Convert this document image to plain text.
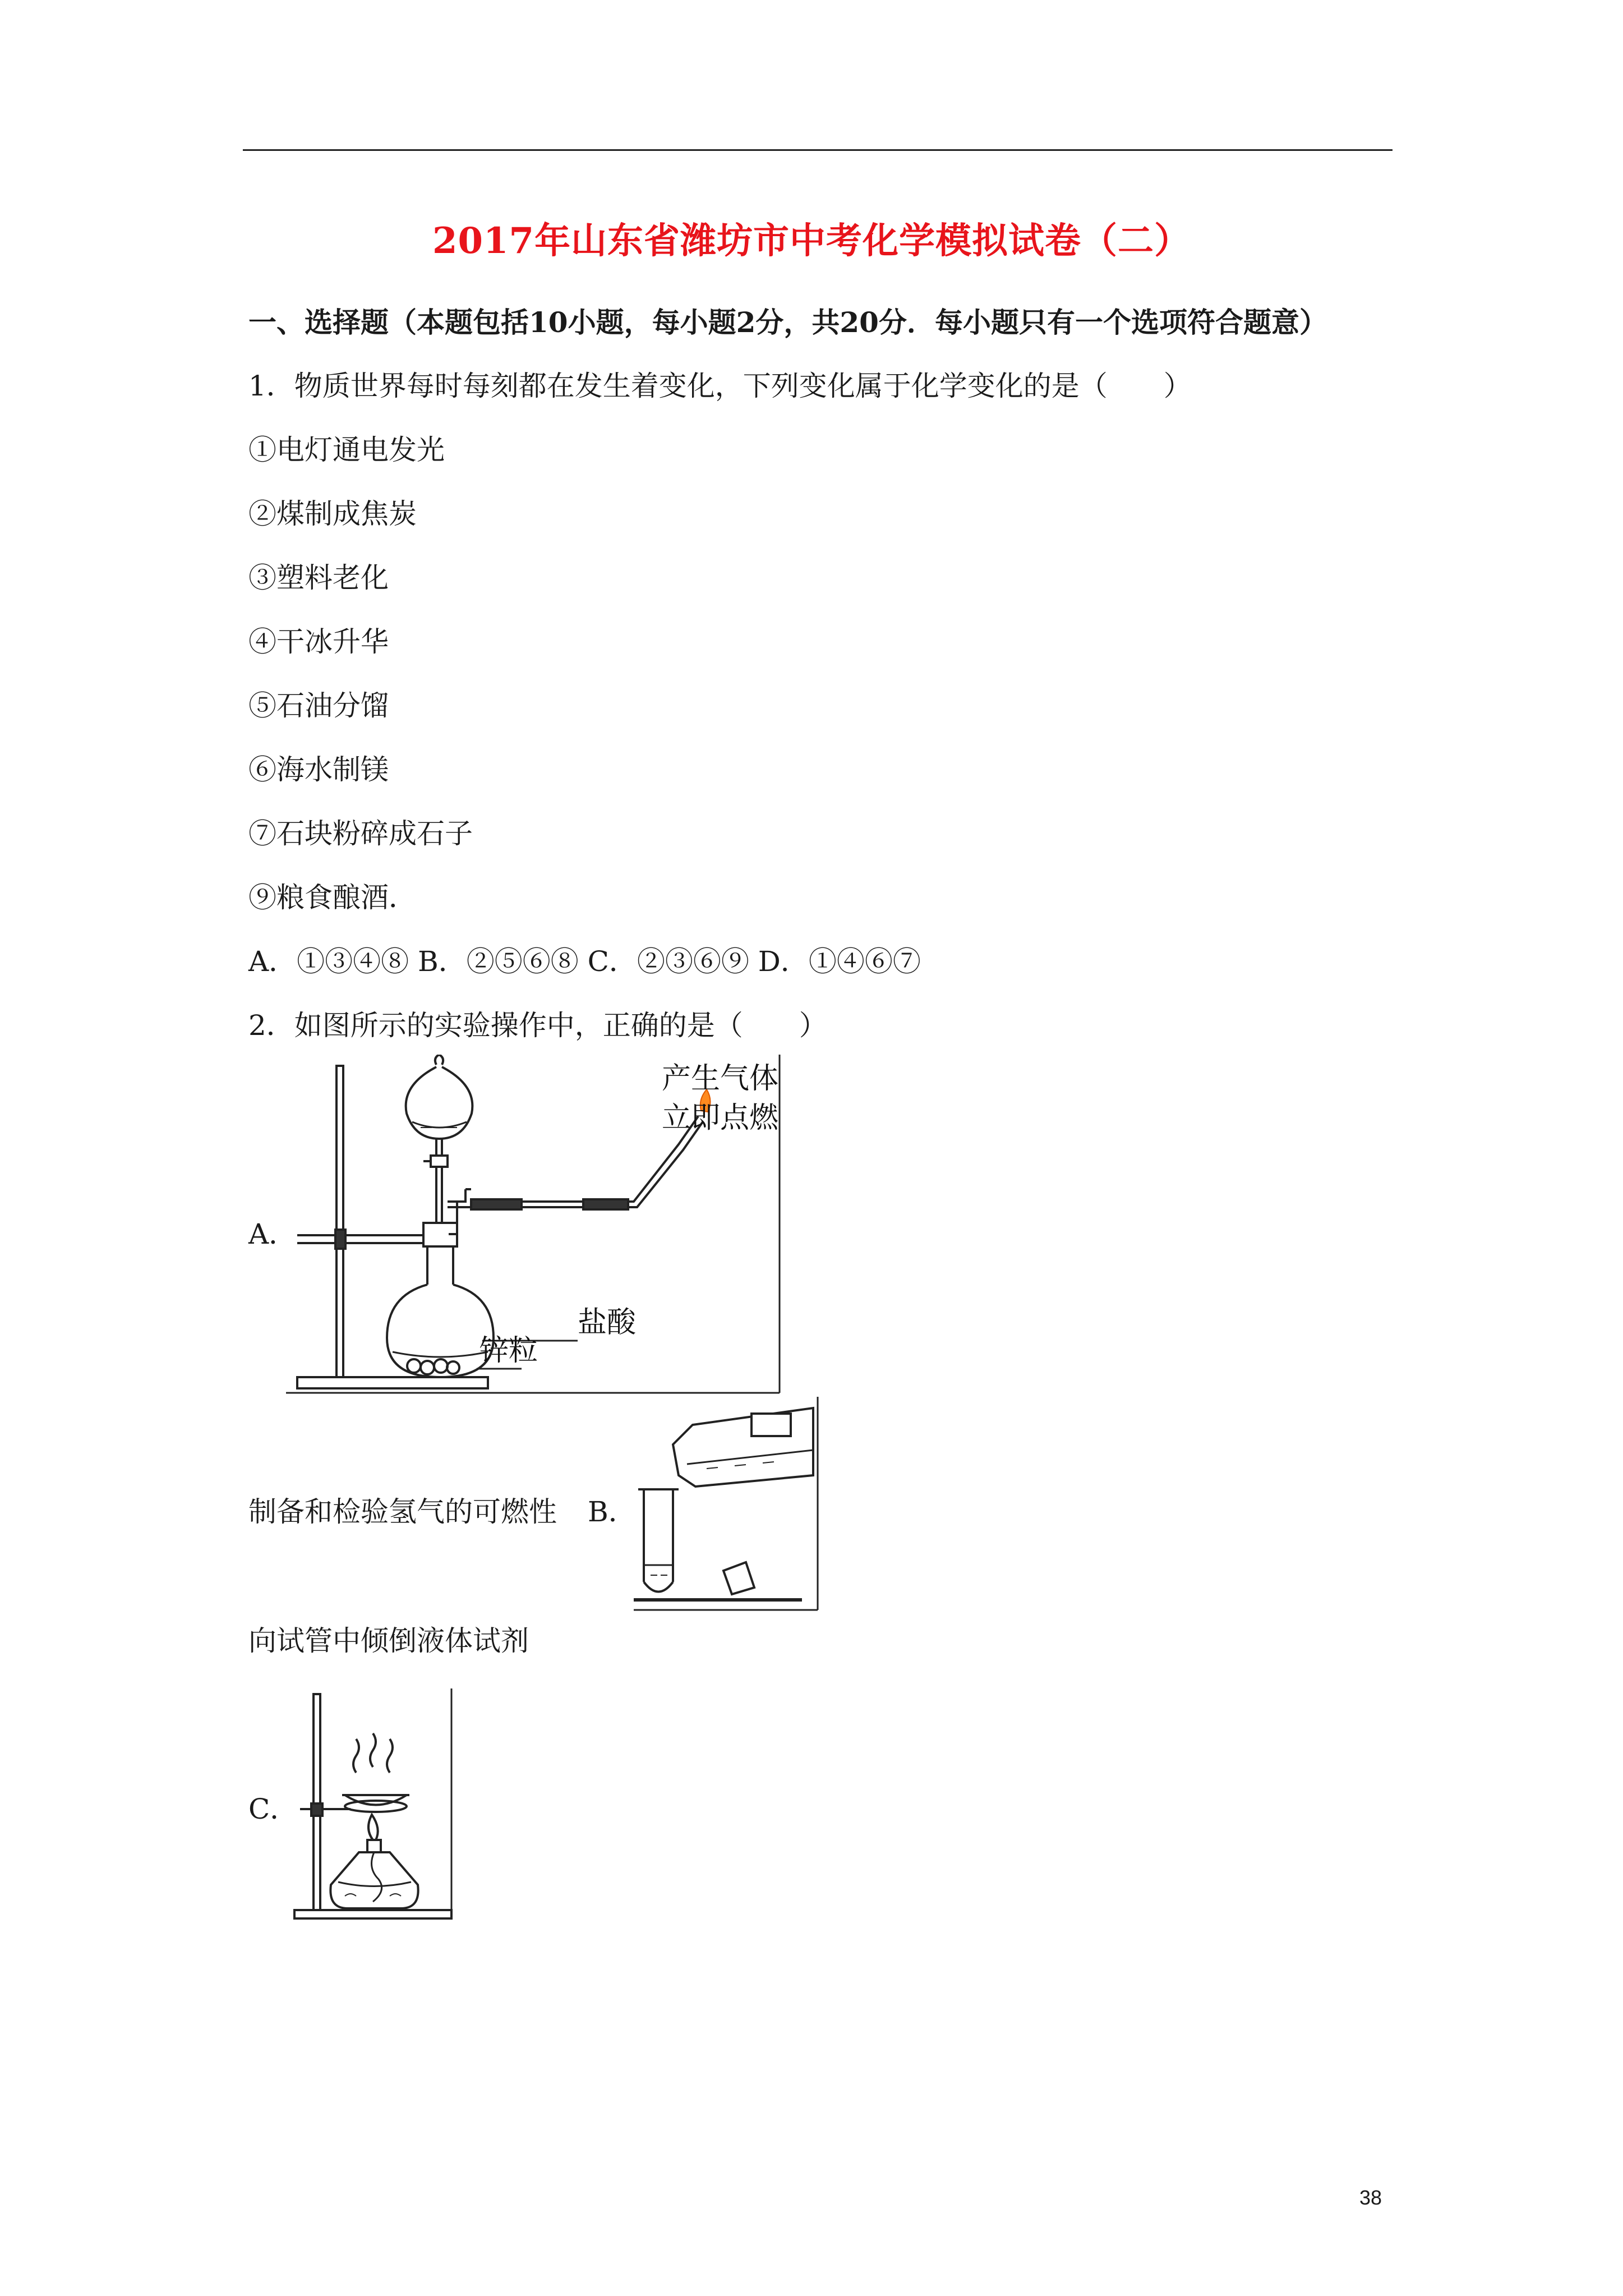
2017年山东省潍坊市中考化学模拟试卷（二）
一、选择题（本题包括10小题，每小题2分，共20分．每小题只有一个选项符合题意）
1．物质世界每时每刻都在发生着变化，下列变化属于化学变化的是（　　）
①电灯通电发光
②煤制成焦炭
③塑料老化
④干冰升华
⑤石油分馏
⑥海水制镁
⑦石块粉碎成石子
⑨粮食酿酒．
A．①③④⑧ B．②⑤⑥⑧ C．②③⑥⑨ D．①④⑥⑦
2．如图所示的实验操作中，正确的是（　　）
A．
产生气体
立即点燃
盐酸
锌粒
制备和检验氢气的可燃性 B．
向试管中倾倒液体试剂
C．
38
